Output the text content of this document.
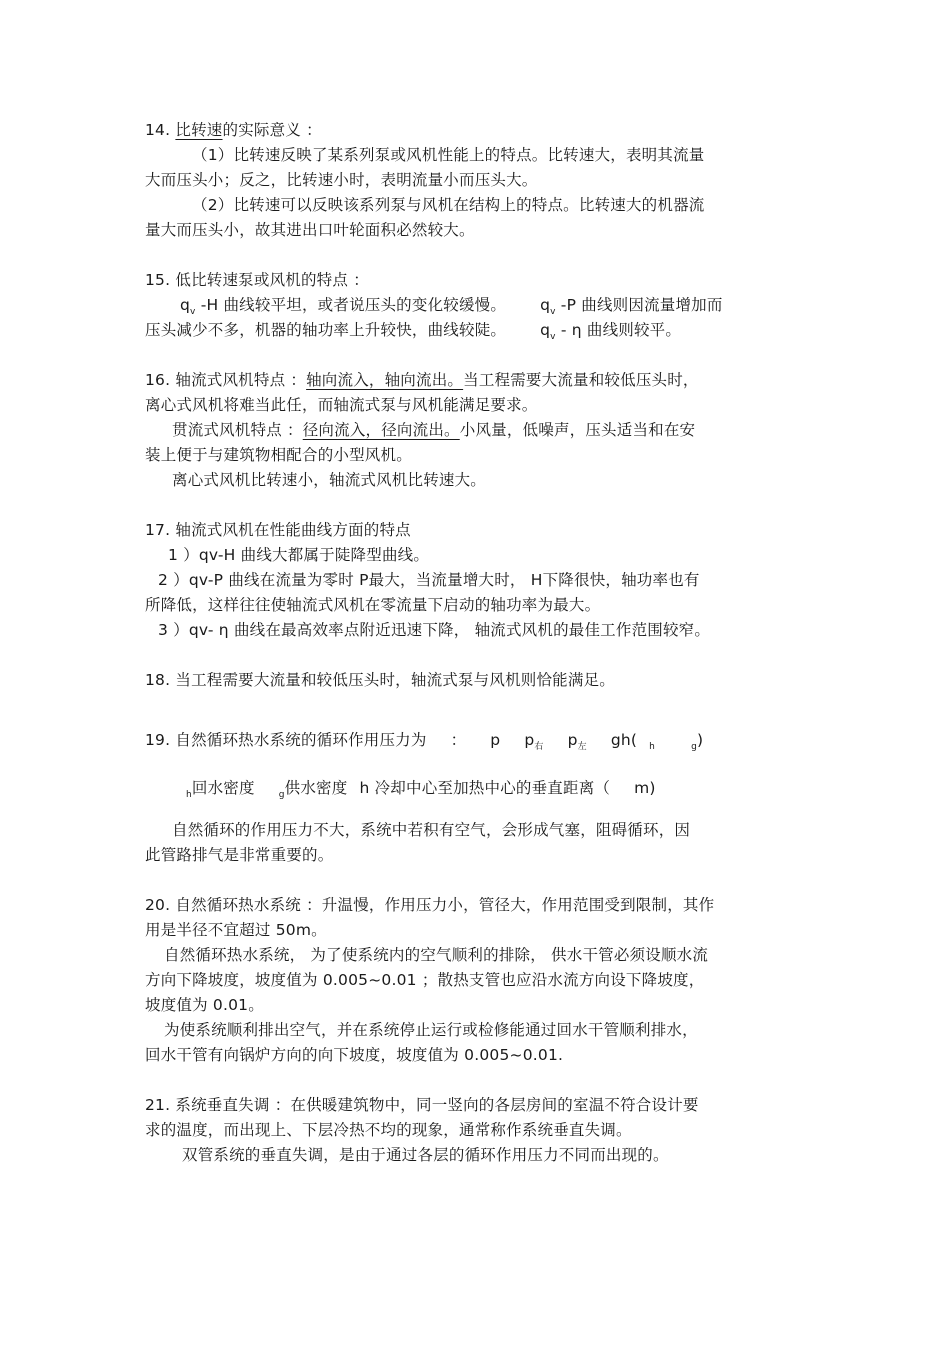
14. 比转速的实际意义 ：
（1）比转速反映了某系列泵或风机性能上的特点。比转速大，表明其流量
大而压头小；反之，比转速小时，表明流量小而压头大。
（2）比转速可以反映该系列泵与风机在结构上的特点。比转速大的机器流
量大而压头小，故其进出口叶轮面积必然较大。
15. 低比转速泵或风机的特点 ：
$q_v$ -H 曲线较平坦，或者说压头的变化较缓慢。 $q_v$ -P 曲线则因流量增加而
压头减少不多，机器的轴功率上升较快，曲线较陡。 $q_v$ - η 曲线则较平。
16. 轴流式风机特点 ：轴向流入，轴向流出。当工程需要大流量和较低压头时，
离心式风机将难当此任，而轴流式泵与风机能满足要求。
贯流式风机特点 ：径向流入，径向流出。小风量，低噪声，压头适当和在安
装上便于与建筑物相配合的小型风机。
离心式风机比转速小，轴流式风机比转速大。
17. 轴流式风机在性能曲线方面的特点
1 ）qv-H 曲线大都属于陡降型曲线。
2 ）qv-P 曲线在流量为零时 P最大，当流量增大时， H下降很快，轴功率也有
所降低，这样往往使轴流式风机在零流量下启动的轴功率为最大。
3 ）qv- η 曲线在最高效率点附近迅速下降， 轴流式风机的最佳工作范围较窄。
18. 当工程需要大流量和较低压头时，轴流式泵与风机则恰能满足。
19. 自然循环热水系统的循环作用压力为 ： p $p_右$ $p_左$ gh( $_h$	$_g$)
$_h$回水密度	$_g$供水密度 h 冷却中心至加热中心的垂直距离（ m)
自然循环的作用压力不大，系统中若积有空气，会形成气塞，阻碍循环，因
此管路排气是非常重要的。
20. 自然循环热水系统 ：升温慢，作用压力小，管径大，作用范围受到限制，其作
用是半径不宜超过 50m。
自然循环热水系统， 为了使系统内的空气顺利的排除， 供水干管必须设顺水流
方向下降坡度，坡度值为 0.005~0.01 ；散热支管也应沿水流方向设下降坡度，
坡度值为 0.01。
为使系统顺利排出空气，并在系统停止运行或检修能通过回水干管顺利排水，
回水干管有向锅炉方向的向下坡度，坡度值为 0.005~0.01.
21. 系统垂直失调 ：在供暖建筑物中，同一竖向的各层房间的室温不符合设计要
求的温度，而出现上、下层冷热不均的现象，通常称作系统垂直失调。
双管系统的垂直失调，是由于通过各层的循环作用压力不同而出现的。
